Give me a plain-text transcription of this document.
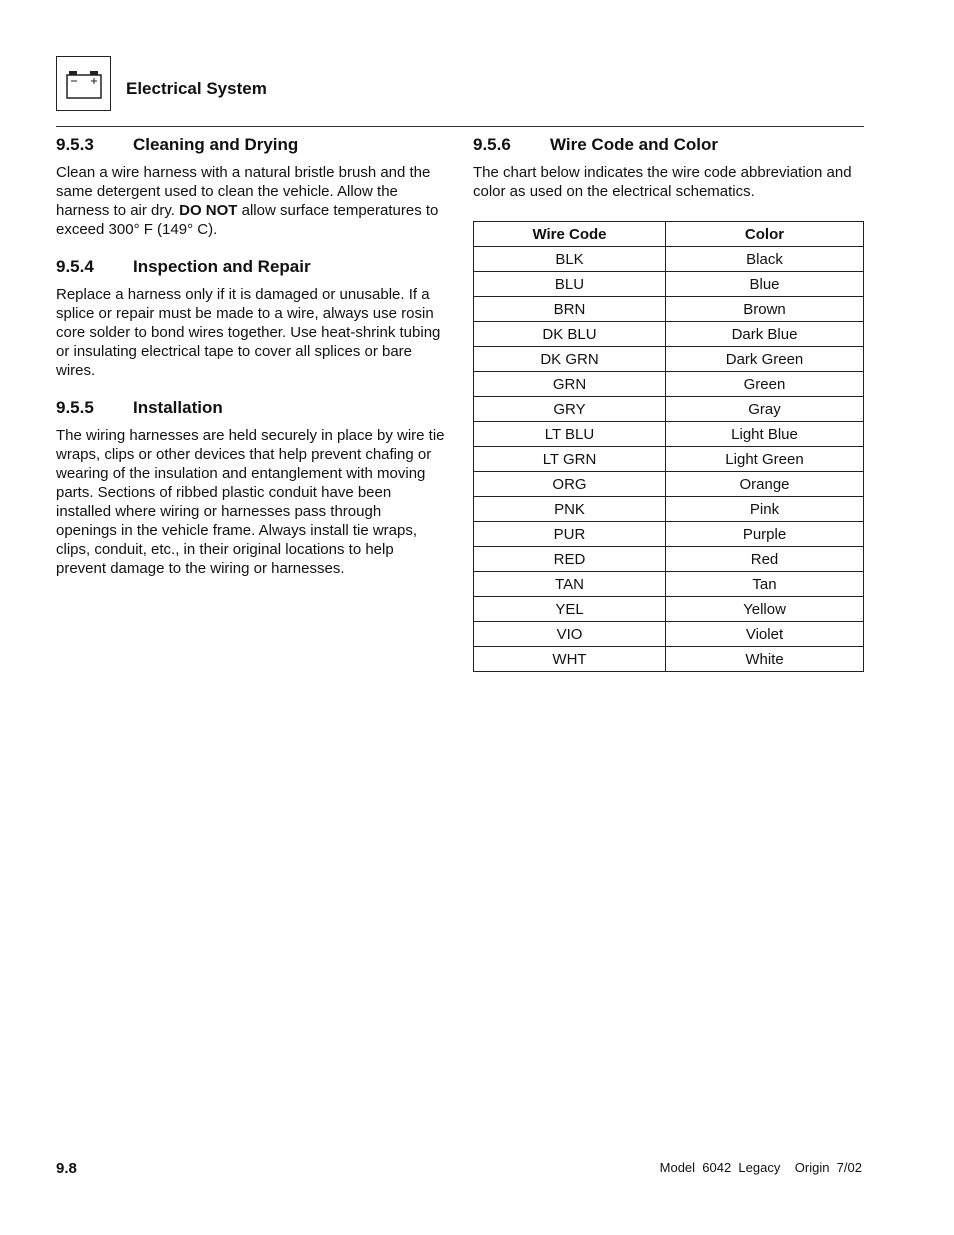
Electrical System
9.5.3 Cleaning and Drying

Clean a wire harness with a natural bristle brush and the same detergent used to clean the vehicle. Allow the harness to air dry. DO NOT allow surface temperatures to exceed 300° F (149° C).

9.5.4 Inspection and Repair

Replace a harness only if it is damaged or unusable. If a splice or repair must be made to a wire, always use rosin core solder to bond wires together. Use heat-shrink tubing or insulating electrical tape to cover all splices or bare wires.

9.5.5 Installation

The wiring harnesses are held securely in place by wire tie wraps, clips or other devices that help prevent chafing or wearing of the insulation and entanglement with moving parts. Sections of ribbed plastic conduit have been installed where wiring or harnesses pass through openings in the vehicle frame. Always install tie wraps, clips, conduit, etc., in their original locations to help prevent damage to the wiring or harnesses.

9.5.6 Wire Code and Color

The chart below indicates the wire code abbreviation and color as used on the electrical schematics.

Wire Code	Color
BLK	Black
BLU	Blue
BRN	Brown
DK BLU	Dark Blue
DK GRN	Dark Green
GRN	Green
GRY	Gray
LT BLU	Light Blue
LT GRN	Light Green
ORG	Orange
PNK	Pink
PUR	Purple
RED	Red
TAN	Tan
YEL	Yellow
VIO	Violet
WHT	White
9.8	Model  6042  Legacy    Origin  7/02
